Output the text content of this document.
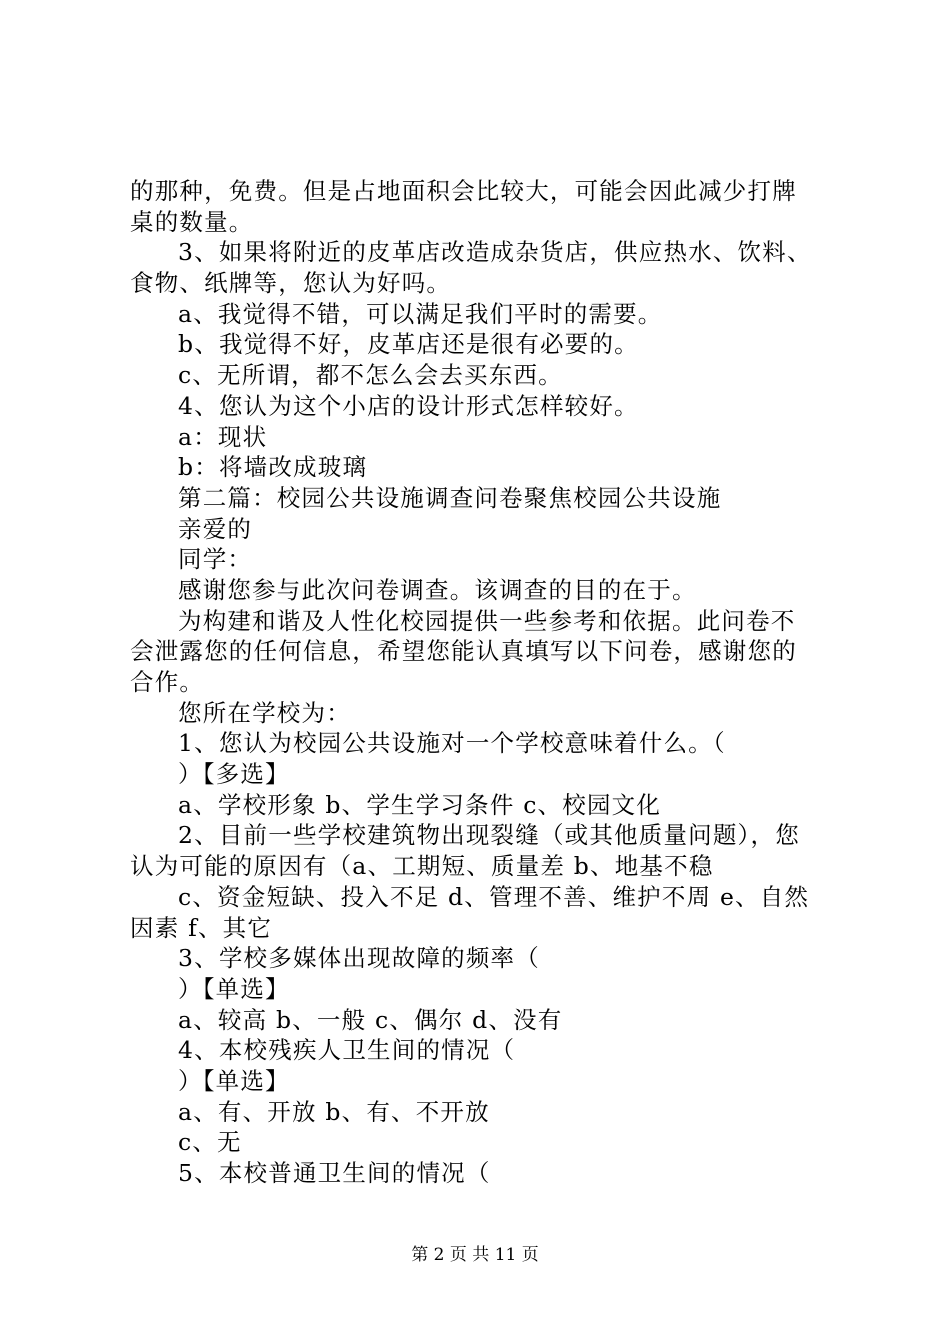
的那种，免费。但是占地面积会比较大，可能会因此减少打牌
桌的数量。
3、如果将附近的皮革店改造成杂货店，供应热水、饮料、
食物、纸牌等，您认为好吗。
a、我觉得不错，可以满足我们平时的需要。
b、我觉得不好，皮革店还是很有必要的。
c、无所谓，都不怎么会去买东西。
4、您认为这个小店的设计形式怎样较好。
a：现状
b：将墙改成玻璃
第二篇：校园公共设施调查问卷聚焦校园公共设施
亲爱的
同学：
感谢您参与此次问卷调查。该调查的目的在于。
为构建和谐及人性化校园提供一些参考和依据。此问卷不
会泄露您的任何信息，希望您能认真填写以下问卷，感谢您的
合作。
您所在学校为：
1、您认为校园公共设施对一个学校意味着什么。（
）【多选】
a、学校形象 b、学生学习条件 c、校园文化
2、目前一些学校建筑物出现裂缝（或其他质量问题），您
认为可能的原因有（a、工期短、质量差 b、地基不稳
c、资金短缺、投入不足 d、管理不善、维护不周 e、自然
因素 f、其它
3、学校多媒体出现故障的频率（
）【单选】
a、较高 b、一般 c、偶尔 d、没有
4、本校残疾人卫生间的情况（
）【单选】
a、有、开放 b、有、不开放
c、无
5、本校普通卫生间的情况（
第 2 页 共 11 页
